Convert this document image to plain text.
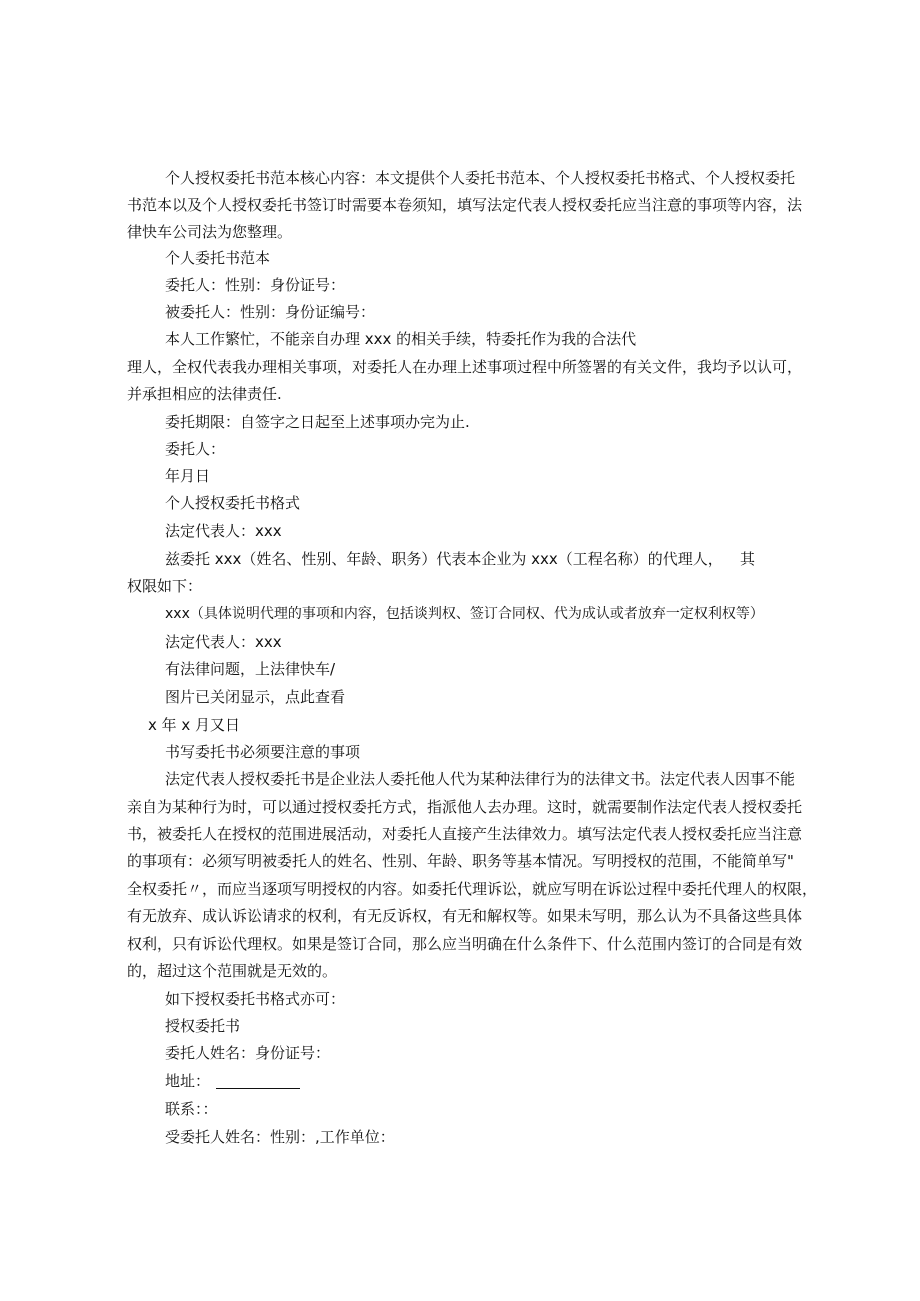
个人授权委托书范本核心内容：本文提供个人委托书范本、个人授权委托书格式、个人授权委托
书范本以及个人授权委托书签订时需要本卷须知，填写法定代表人授权委托应当注意的事项等内容，法
律快车公司法为您整理。
个人委托书范本
委托人：性别：身份证号：
被委托人：性别：身份证编号：
本人工作繁忙，不能亲自办理 xxx 的相关手续，特委托作为我的合法代
理人，全权代表我办理相关事项，对委托人在办理上述事项过程中所签署的有关文件，我均予以认可，
并承担相应的法律责任.
委托期限：自签字之日起至上述事项办完为止.
委托人：
年月日
个人授权委托书格式
法定代表人：xxx
兹委托 xxx（姓名、性别、年龄、职务）代表本企业为 xxx（工程名称）的代理人， 其
权限如下：
xxx（具体说明代理的事项和内容，包括谈判权、签订合同权、代为成认或者放弃一定权利权等）
法定代表人：xxx
有法律问题，上法律快车/
图片已关闭显示，点此查看
x 年 x 月又日
书写委托书必须要注意的事项
法定代表人授权委托书是企业法人委托他人代为某种法律行为的法律文书。法定代表人因事不能
亲自为某种行为时，可以通过授权委托方式，指派他人去办理。这时，就需要制作法定代表人授权委托
书，被委托人在授权的范围进展活动，对委托人直接产生法律效力。填写法定代表人授权委托应当注意
的事项有：必须写明被委托人的姓名、性别、年龄、职务等基本情况。写明授权的范围，不能简单写"
全权委托〃，而应当逐项写明授权的内容。如委托代理诉讼，就应写明在诉讼过程中委托代理人的权限，
有无放弃、成认诉讼请求的权利，有无反诉权，有无和解权等。如果未写明，那么认为不具备这些具体
权利，只有诉讼代理权。如果是签订合同，那么应当明确在什么条件下、什么范围内签订的合同是有效
的，超过这个范围就是无效的。
如下授权委托书格式亦可：
授权委托书
委托人姓名：身份证号：
地址：
联系：：
受委托人姓名：性别：,工作单位：
